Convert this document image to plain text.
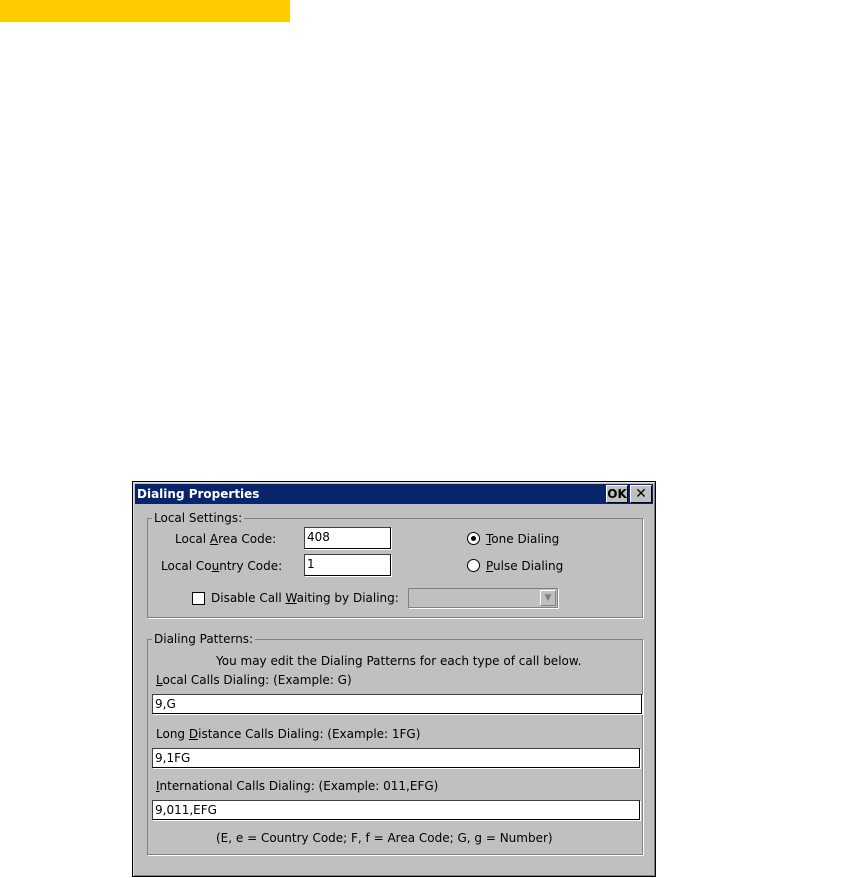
Dialing Properties	OK ✕
Local Settings:
Local Area Code:	408
Local Country Code: 1
Tone Dialing
Pulse Dialing
Disable Call Waiting by Dialing:	▼
Dialing Patterns:
You may edit the Dialing Patterns for each type of call below.
Local Calls Dialing: (Example: G)
9,G
Long Distance Calls Dialing: (Example: 1FG)
9,1FG
International Calls Dialing: (Example: 011,EFG)
9,011,EFG
(E, e = Country Code; F, f = Area Code; G, g = Number)
